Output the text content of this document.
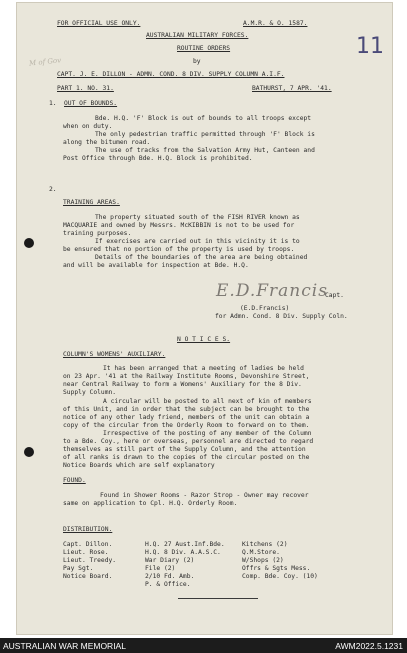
FOR OFFICIAL USE ONLY.	A.M.R. & O. 1587.
11
M of Gov
AUSTRALIAN MILITARY FORCES.
ROUTINE ORDERS
by
CAPT. J. E. DILLON - ADMN. COND. 8 DIV. SUPPLY COLUMN A.I.F.
PART 1. NO. 31.	BATHURST, 7 APR. '41.
1. OUT OF BOUNDS.
Bde. H.Q. 'F' Block is out of bounds to all troops except
when on duty.
The only pedestrian traffic permitted through 'F' Block is
along the bitumen road.
The use of tracks from the Salvation Army Hut, Canteen and
Post Office through Bde. H.Q. Block is prohibited.
2.
TRAINING AREAS.
The property situated south of the FISH RIVER known as
MACQUARIE and owned by Messrs. McKIBBIN is not to be used for
training purposes.
If exercises are carried out in this vicinity it is to
be ensured that no portion of the property is used by troops.
Details of the boundaries of the area are being obtained
and will be available for inspection at Bde. H.Q.
E.D.Francis
Capt.
(E.D.Francis)
for Admn. Cond. 8 Div. Supply Coln.
N O T I C E S.
COLUMN'S WOMENS' AUXILIARY.
It has been arranged that a meeting of ladies be held
on 23 Apr. '41 at the Railway Institute Rooms, Devonshire Street,
near Central Railway to form a Womens' Auxiliary for the 8 Div.
Supply Column.
A circular will be posted to all next of kin of members
of this Unit, and in order that the subject can be brought to the
notice of any other lady friend, members of the unit can obtain a
copy of the circular from the Orderly Room to forward on to them.
Irrespective of the posting of any member of the Column
to a Bde. Coy., here or overseas, personnel are directed to regard
themselves as still part of the Supply Column, and the attention
of all ranks is drawn to the copies of the circular posted on the
Notice Boards which are self explanatory
FOUND.
Found in Shower Rooms - Razor Strop - Owner may recover
same on application to Cpl. H.Q. Orderly Room.
DISTRIBUTION.
Capt. Dillon.
Lieut. Rose.
Lieut. Treedy.
Pay Sgt.
Notice Board.
H.Q. 27 Aust.Inf.Bde.
H.Q. 8 Div. A.A.S.C.
War Diary (2)
File (2)
2/10 Fd. Amb.
P. & Office.
Kitchens (2)
Q.M.Store.
W/Shops (2)
Offrs & Sgts Mess.
Comp. Bde. Coy. (10)
AUSTRALIAN WAR MEMORIAL	AWM2022.5.1231
